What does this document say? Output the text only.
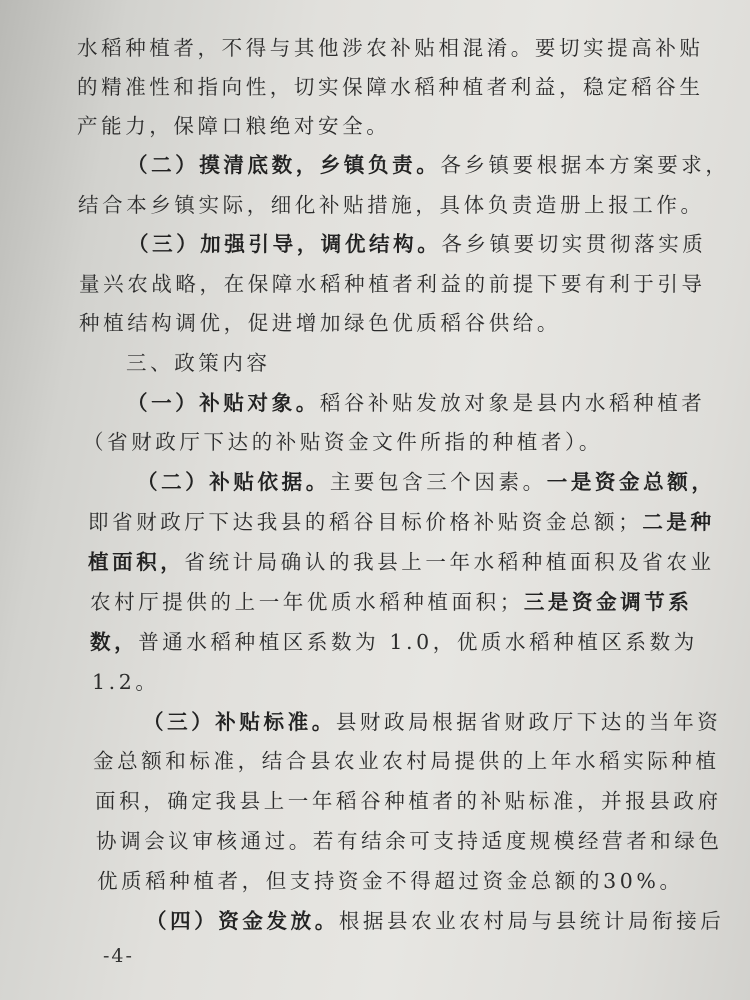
水稻种植者，不得与其他涉农补贴相混淆。要切实提高补贴
的精准性和指向性，切实保障水稻种植者利益，稳定稻谷生
产能力，保障口粮绝对安全。
（二）摸清底数，乡镇负责。各乡镇要根据本方案要求，
结合本乡镇实际，细化补贴措施，具体负责造册上报工作。
（三）加强引导，调优结构。各乡镇要切实贯彻落实质
量兴农战略，在保障水稻种植者利益的前提下要有利于引导
种植结构调优，促进增加绿色优质稻谷供给。
三、政策内容
（一）补贴对象。稻谷补贴发放对象是县内水稻种植者
（省财政厅下达的补贴资金文件所指的种植者）。
（二）补贴依据。主要包含三个因素。一是资金总额，
即省财政厅下达我县的稻谷目标价格补贴资金总额；二是种
植面积，省统计局确认的我县上一年水稻种植面积及省农业
农村厅提供的上一年优质水稻种植面积；三是资金调节系
数，普通水稻种植区系数为 1.0，优质水稻种植区系数为
1.2。
（三）补贴标准。县财政局根据省财政厅下达的当年资
金总额和标准，结合县农业农村局提供的上年水稻实际种植
面积，确定我县上一年稻谷种植者的补贴标准，并报县政府
协调会议审核通过。若有结余可支持适度规模经营者和绿色
优质稻种植者，但支持资金不得超过资金总额的30%。
（四）资金发放。根据县农业农村局与县统计局衔接后
-4-
